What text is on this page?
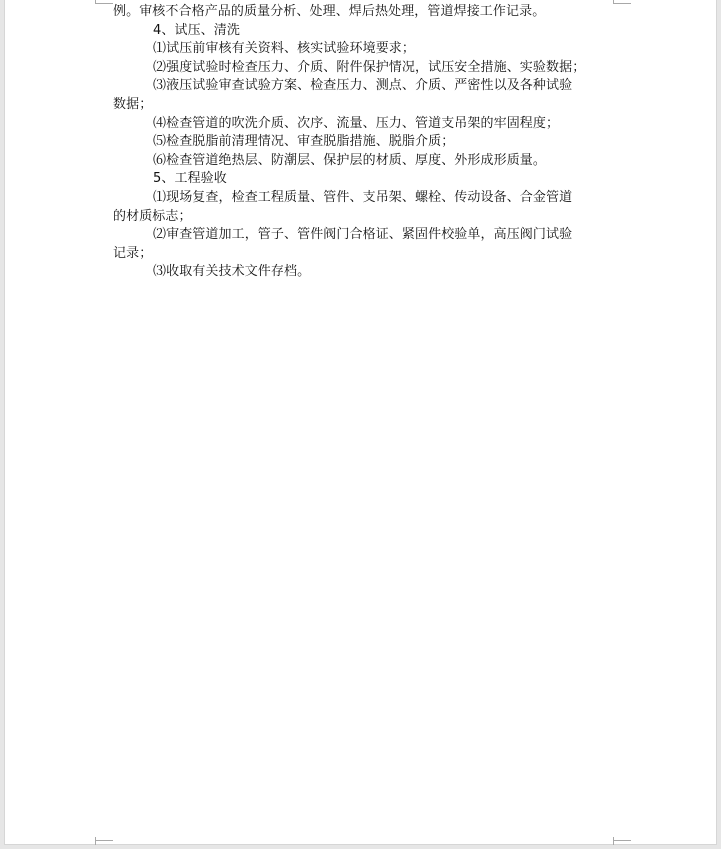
例。审核不合格产品的质量分析、处理、焊后热处理，管道焊接工作记录。
4、试压、清洗
⑴试压前审核有关资料、核实试验环境要求；
⑵强度试验时检查压力、介质、附件保护情况，试压安全措施、实验数据；
⑶液压试验审查试验方案、检查压力、测点、介质、严密性以及各种试验
数据；
⑷检查管道的吹洗介质、次序、流量、压力、管道支吊架的牢固程度；
⑸检查脱脂前清理情况、审查脱脂措施、脱脂介质；
⑹检查管道绝热层、防潮层、保护层的材质、厚度、外形成形质量。
5、工程验收
⑴现场复查，检查工程质量、管件、支吊架、螺栓、传动设备、合金管道
的材质标志；
⑵审查管道加工，管子、管件阀门合格证、紧固件校验单，高压阀门试验
记录；
⑶收取有关技术文件存档。
